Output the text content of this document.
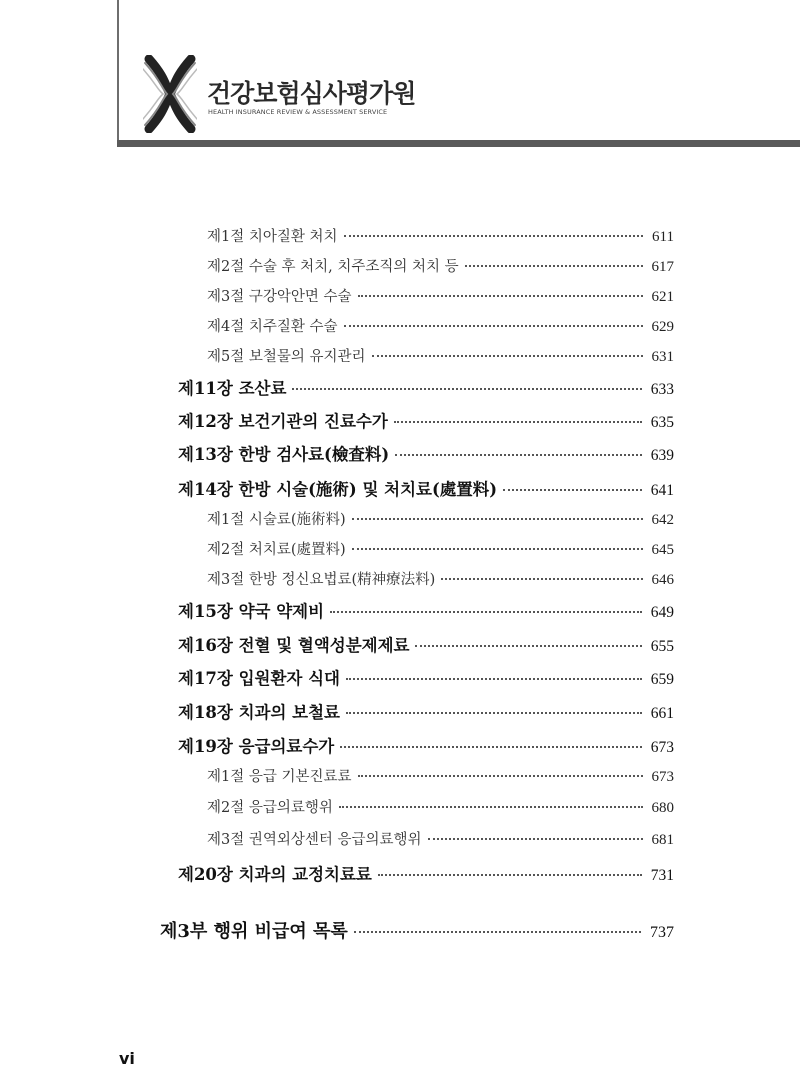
건강보험심사평가원
HEALTH INSURANCE REVIEW & ASSESSMENT SERVICE
제1절 치아질환 처치	611
제2절 수술 후 처치, 치주조직의 처치 등	617
제3절 구강악안면 수술	621
제4절 치주질환 수술	629
제5절 보철물의 유지관리	631
제11장 조산료	633
제12장 보건기관의 진료수가	635
제13장 한방 검사료(檢査料)	639
제14장 한방 시술(施術) 및 처치료(處置料)	641
제1절 시술료(施術料)	642
제2절 처치료(處置料)	645
제3절 한방 정신요법료(精神療法料)	646
제15장 약국 약제비	649
제16장 전혈 및 혈액성분제제료	655
제17장 입원환자 식대	659
제18장 치과의 보철료	661
제19장 응급의료수가	673
제1절 응급 기본진료료	673
제2절 응급의료행위	680
제3절 권역외상센터 응급의료행위	681
제20장 치과의 교정치료료	731
제3부 행위 비급여 목록	737
vi
